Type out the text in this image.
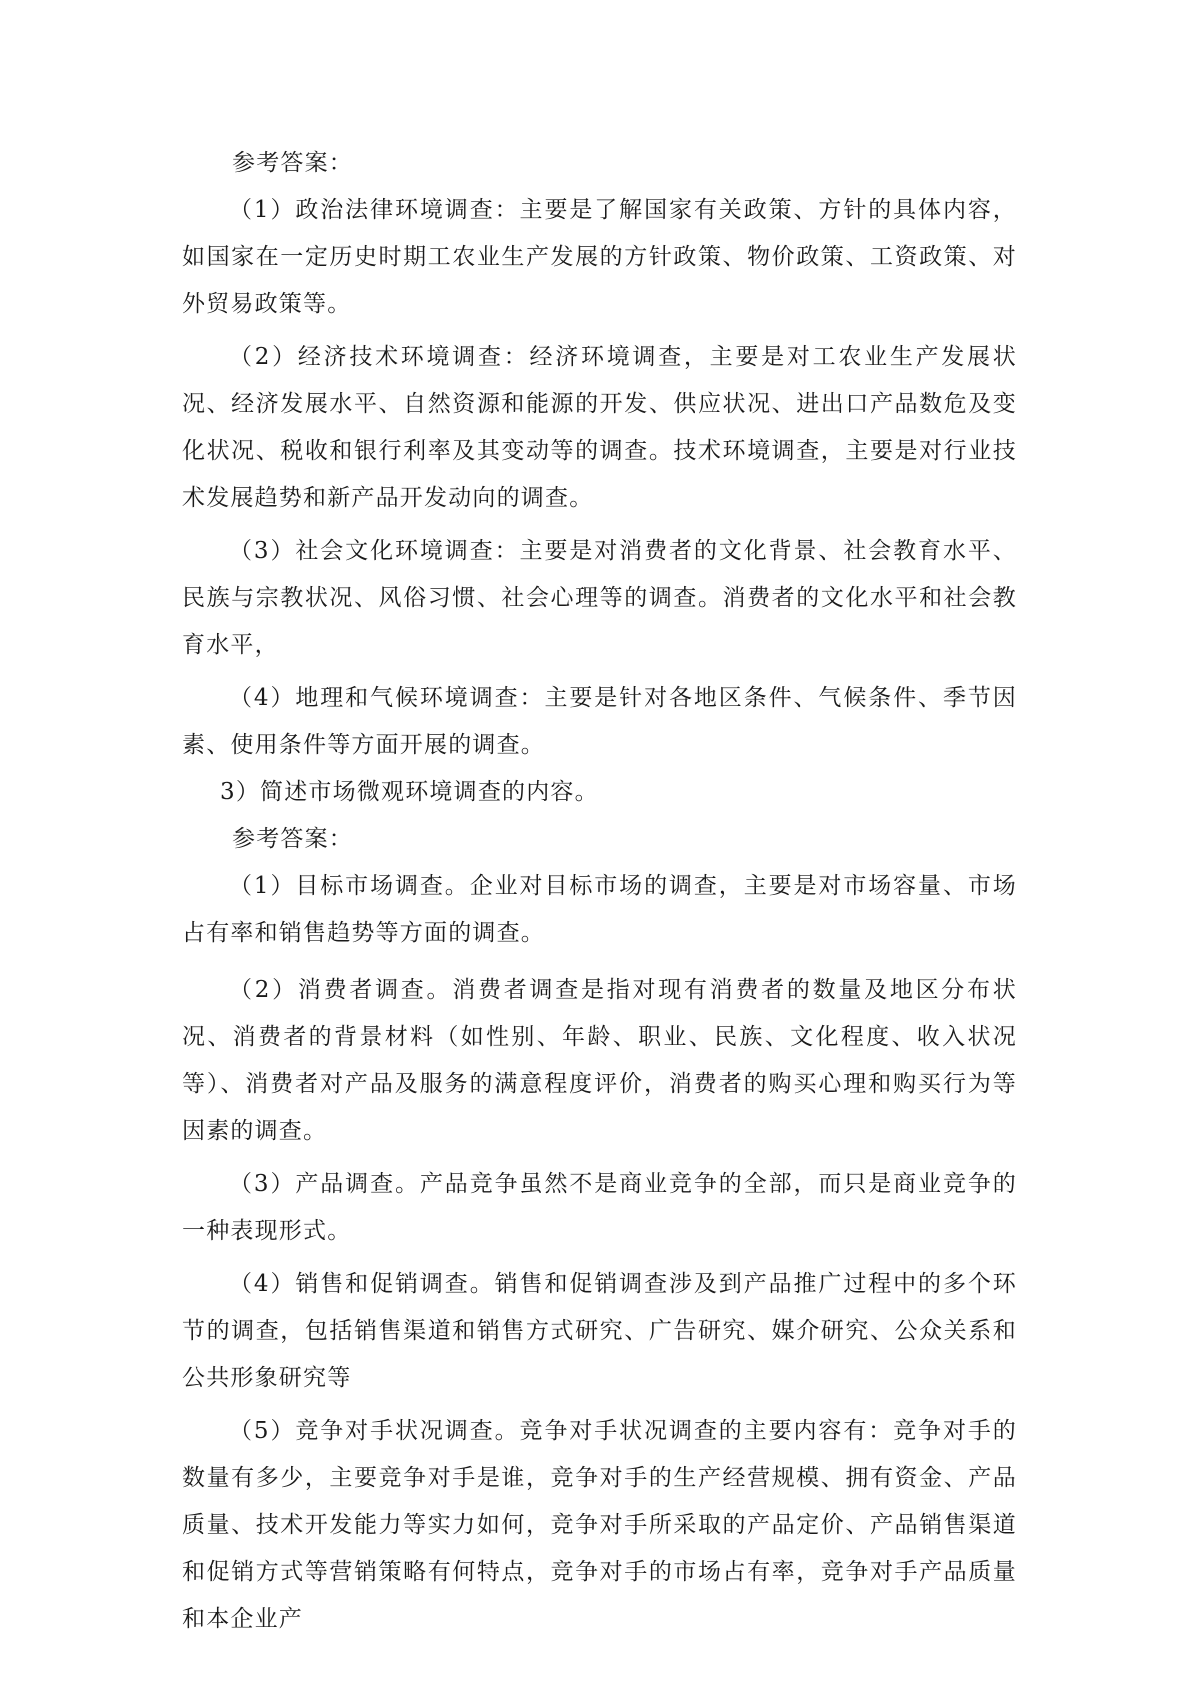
参考答案：

（1）政治法律环境调查：主要是了解国家有关政策、方针的具体内容，如国家在一定历史时期工农业生产发展的方针政策、物价政策、工资政策、对外贸易政策等。

（2）经济技术环境调查：经济环境调查，主要是对工农业生产发展状况、经济发展水平、自然资源和能源的开发、供应状况、进出口产品数危及变化状况、税收和银行利率及其变动等的调查。技术环境调查，主要是对行业技术发展趋势和新产品开发动向的调查。

（3）社会文化环境调查：主要是对消费者的文化背景、社会教育水平、民族与宗教状况、风俗习惯、社会心理等的调查。消费者的文化水平和社会教育水平，

（4）地理和气候环境调查：主要是针对各地区条件、气候条件、季节因素、使用条件等方面开展的调查。

3）简述市场微观环境调查的内容。

参考答案：

（1）目标市场调查。企业对目标市场的调查，主要是对市场容量、市场占有率和销售趋势等方面的调查。

（2）消费者调查。消费者调查是指对现有消费者的数量及地区分布状况、消费者的背景材料（如性别、年龄、职业、民族、文化程度、收入状况等）、消费者对产品及服务的满意程度评价，消费者的购买心理和购买行为等因素的调查。

（3）产品调查。产品竞争虽然不是商业竞争的全部，而只是商业竞争的一种表现形式。

（4）销售和促销调查。销售和促销调查涉及到产品推广过程中的多个环节的调查，包括销售渠道和销售方式研究、广告研究、媒介研究、公众关系和公共形象研究等

（5）竞争对手状况调查。竞争对手状况调查的主要内容有：竞争对手的数量有多少，主要竞争对手是谁，竞争对手的生产经营规模、拥有资金、产品质量、技术开发能力等实力如何，竞争对手所采取的产品定价、产品销售渠道和促销方式等营销策略有何特点，竞争对手的市场占有率，竞争对手产品质量和本企业产
